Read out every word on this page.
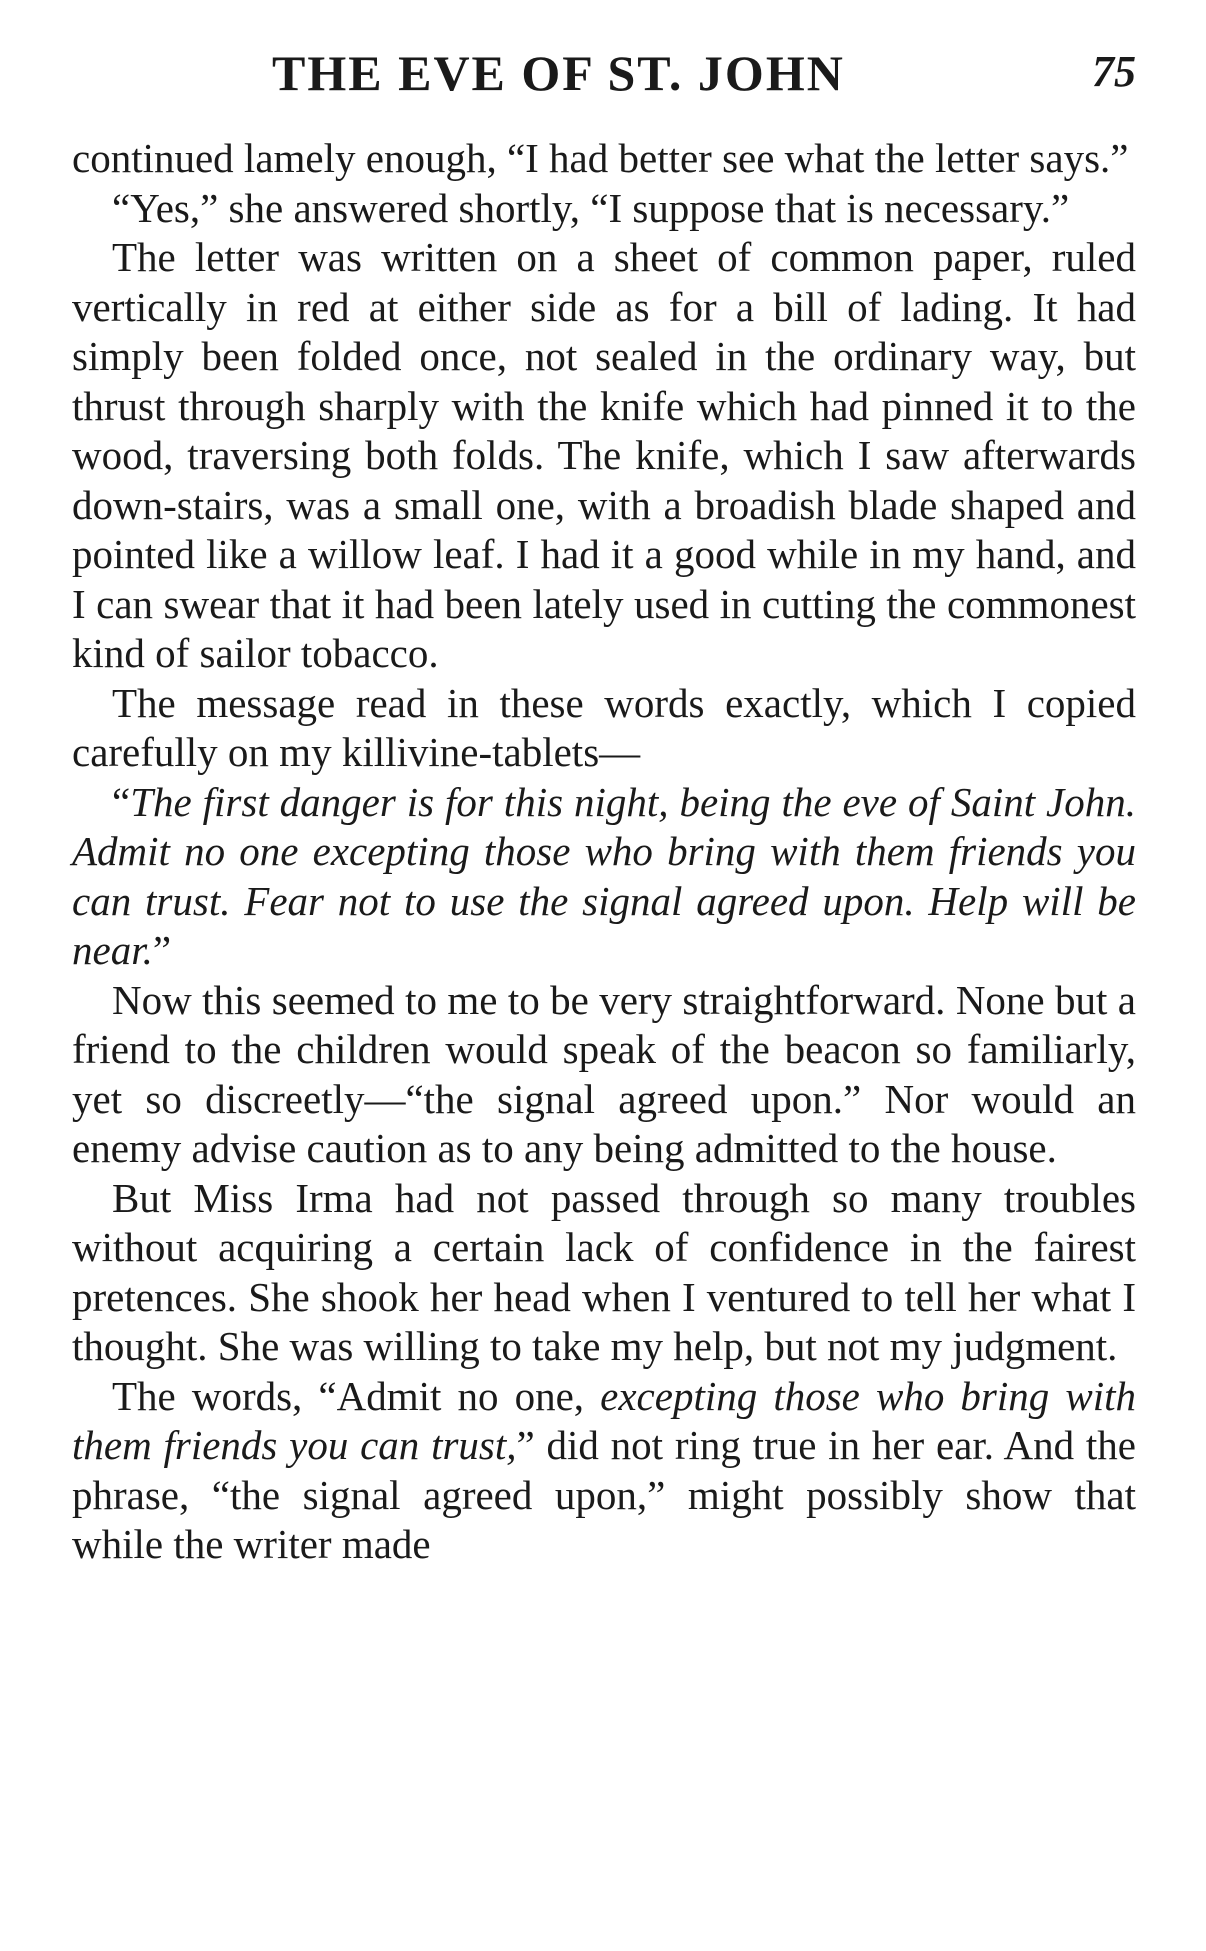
THE EVE OF ST. JOHN	75

continued lamely enough, “I had better see what the letter says.”

“Yes,” she answered shortly, “I suppose that is necessary.”

The letter was written on a sheet of common paper, ruled vertically in red at either side as for a bill of lading. It had simply been folded once, not sealed in the ordinary way, but thrust through sharply with the knife which had pinned it to the wood, traversing both folds. The knife, which I saw afterwards down-stairs, was a small one, with a broadish blade shaped and pointed like a willow leaf. I had it a good while in my hand, and I can swear that it had been lately used in cutting the commonest kind of sailor tobacco.

The message read in these words exactly, which I copied carefully on my killivine-tablets—

“The first danger is for this night, being the eve of Saint John. Admit no one excepting those who bring with them friends you can trust. Fear not to use the signal agreed upon. Help will be near.”

Now this seemed to me to be very straightforward. None but a friend to the children would speak of the beacon so familiarly, yet so discreetly—“the signal agreed upon.” Nor would an enemy advise caution as to any being admitted to the house.

But Miss Irma had not passed through so many troubles without acquiring a certain lack of confidence in the fairest pretences. She shook her head when I ventured to tell her what I thought. She was willing to take my help, but not my judgment.

The words, “Admit no one, excepting those who bring with them friends you can trust,” did not ring true in her ear. And the phrase, “the signal agreed upon,” might possibly show that while the writer made
